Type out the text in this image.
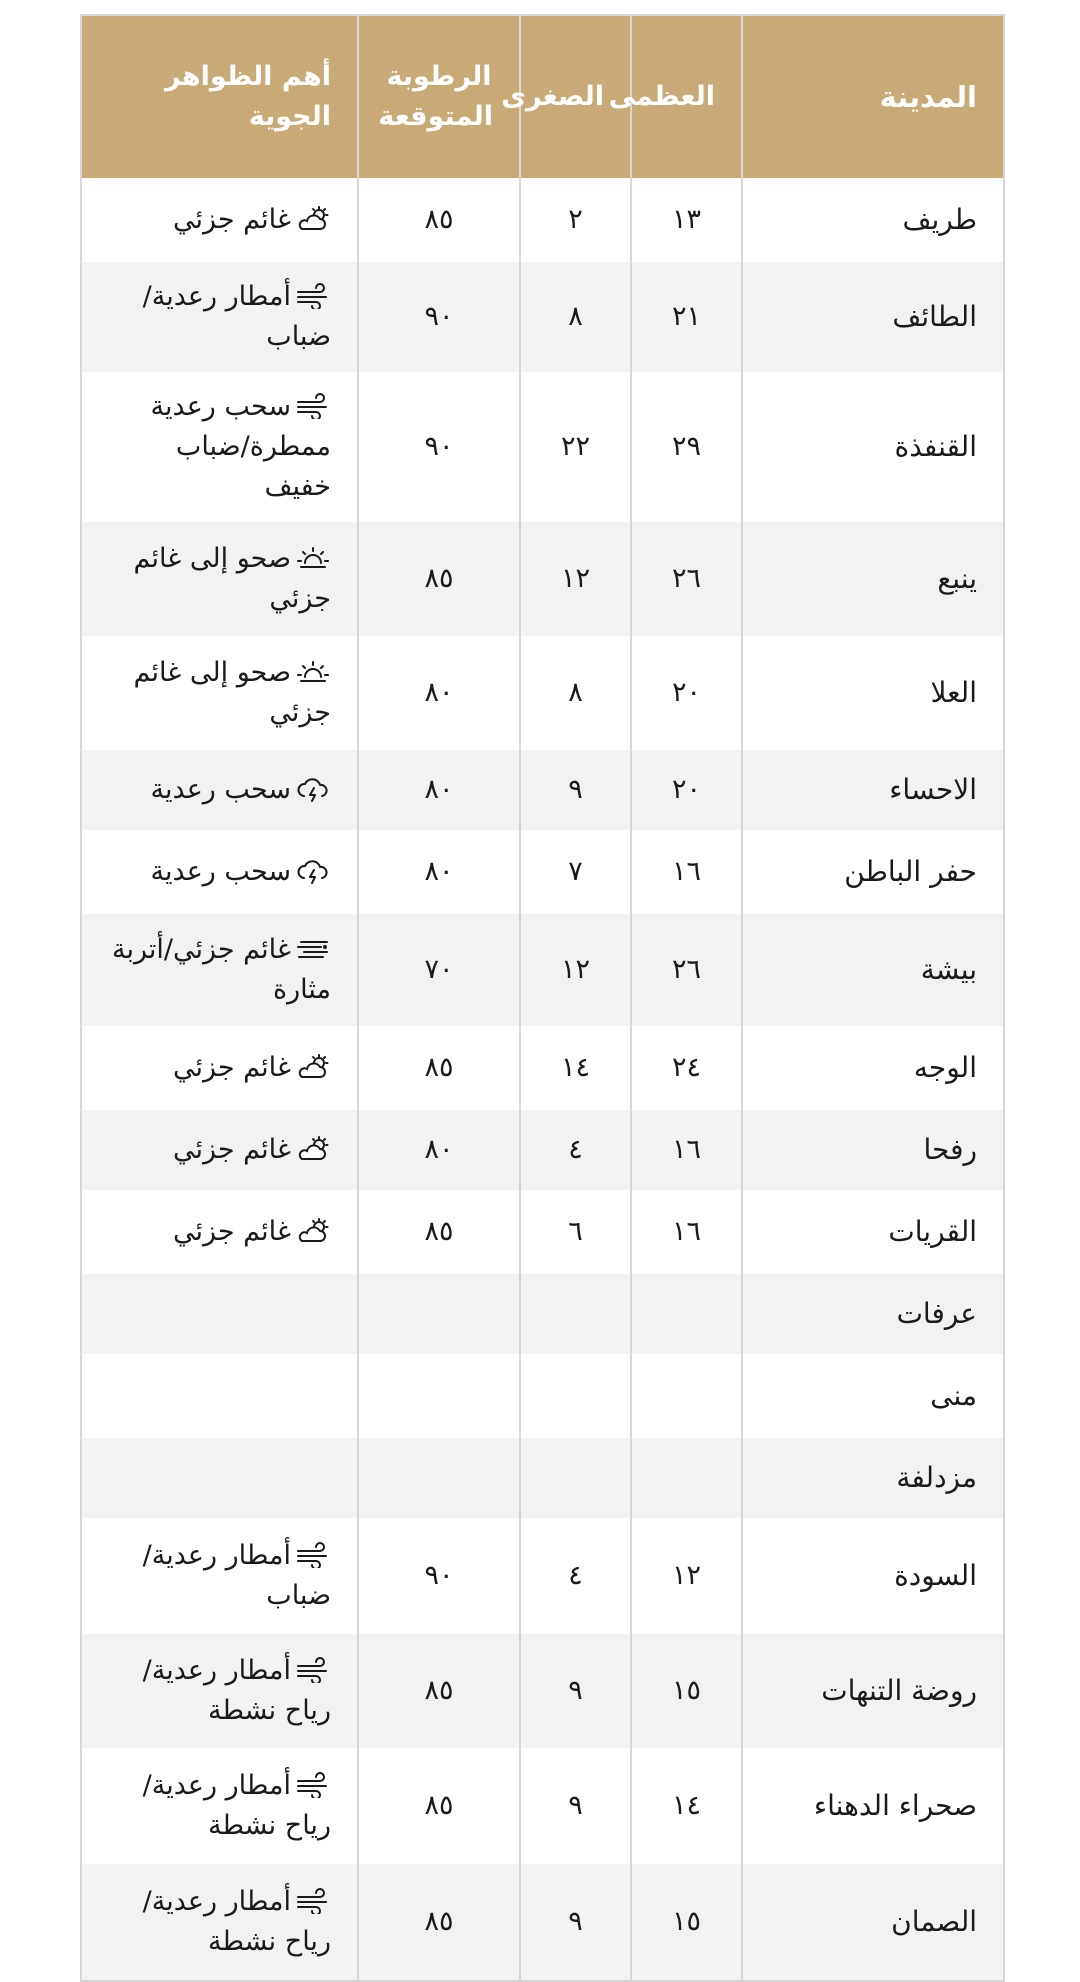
المدينة	العظمى	الصغرى	الرطوبة المتوقعة	أهم الظواهر الجوية
طريف	١٣	٢	٨٥	غائم جزئي
الطائف	٢١	٨	٩٠	أمطار رعدية/ضباب
القنفذة	٢٩	٢٢	٩٠	سحب رعدية ممطرة/ضباب خفيف
ينبع	٢٦	١٢	٨٥	صحو إلى غائم جزئي
العلا	٢٠	٨	٨٠	صحو إلى غائم جزئي
الاحساء	٢٠	٩	٨٠	سحب رعدية
حفر الباطن	١٦	٧	٨٠	سحب رعدية
بيشة	٢٦	١٢	٧٠	غائم جزئي/أتربة مثارة
الوجه	٢٤	١٤	٨٥	غائم جزئي
رفحا	١٦	٤	٨٠	غائم جزئي
القريات	١٦	٦	٨٥	غائم جزئي
عرفات				
منى				
مزدلفة				
السودة	١٢	٤	٩٠	أمطار رعدية/ضباب
روضة التنهات	١٥	٩	٨٥	أمطار رعدية/رياح نشطة
صحراء الدهناء	١٤	٩	٨٥	أمطار رعدية/رياح نشطة
الصمان	١٥	٩	٨٥	أمطار رعدية/رياح نشطة
